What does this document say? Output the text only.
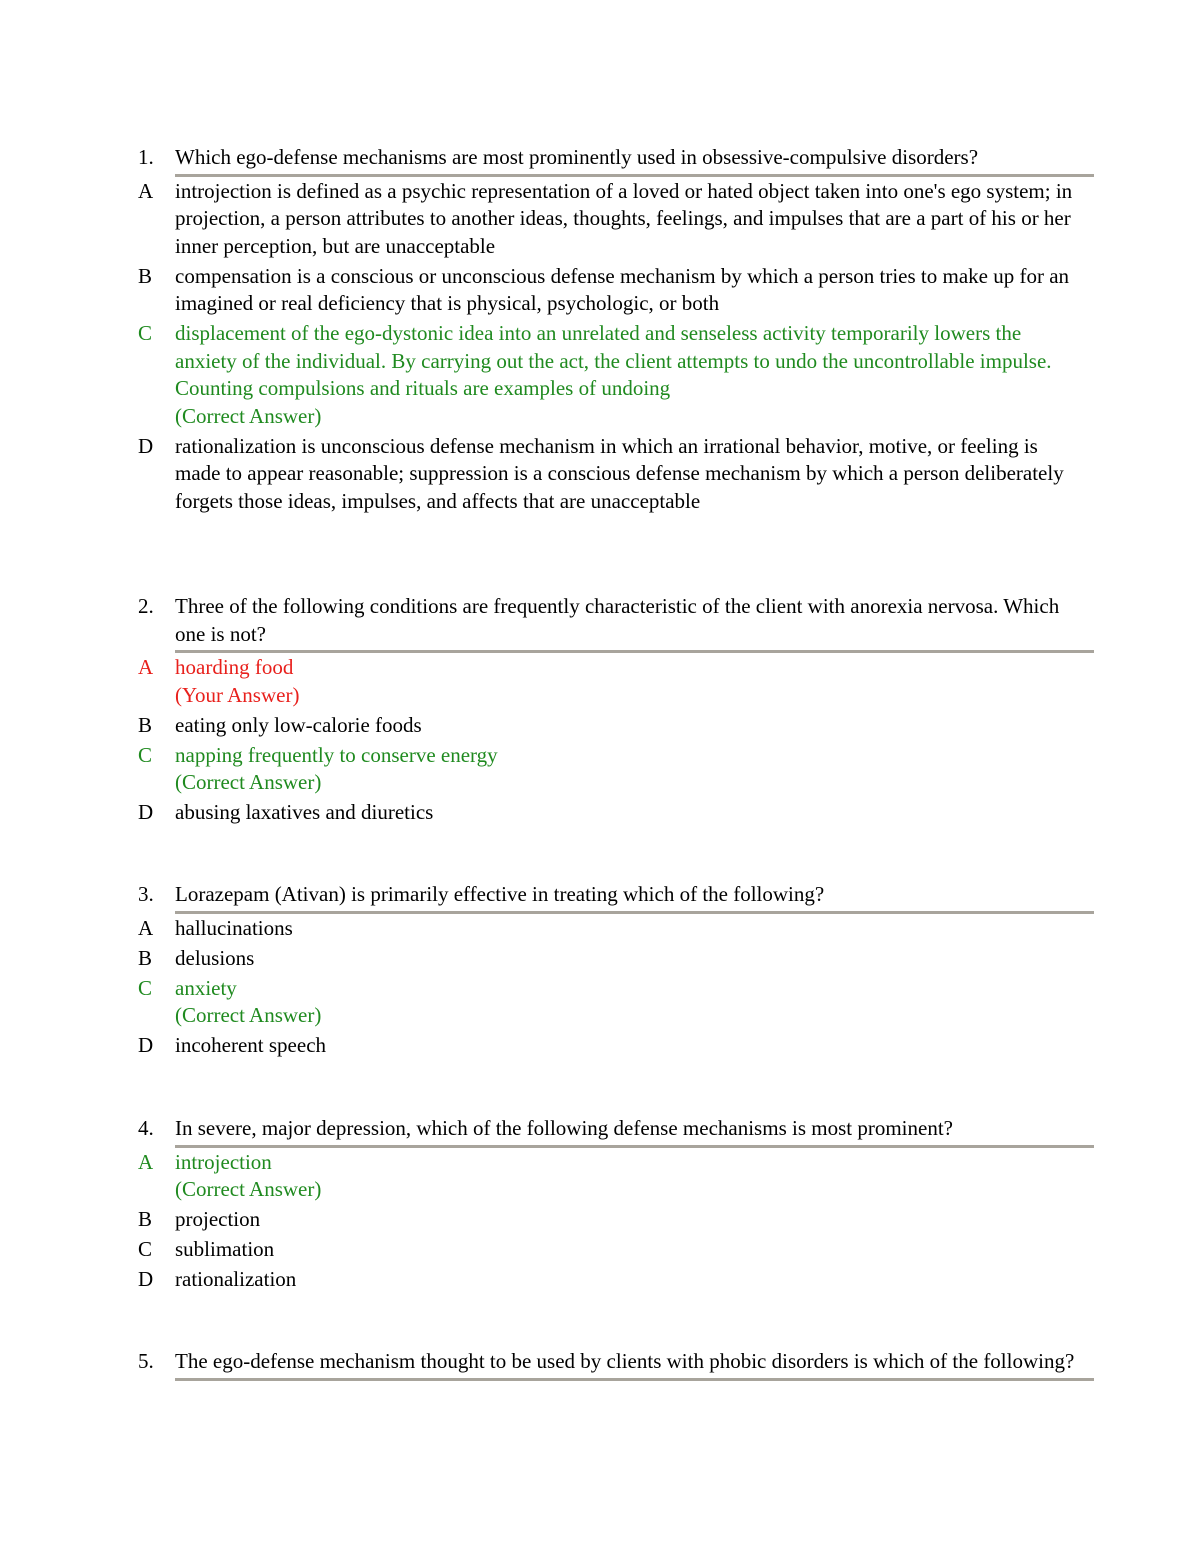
1. Which ego-defense mechanisms are most prominently used in obsessive-compulsive disorders?
A introjection is defined as a psychic representation of a loved or hated object taken into one's ego system; in projection, a person attributes to another ideas, thoughts, feelings, and impulses that are a part of his or her inner perception, but are unacceptable
B compensation is a conscious or unconscious defense mechanism by which a person tries to make up for an imagined or real deficiency that is physical, psychologic, or both
C displacement of the ego-dystonic idea into an unrelated and senseless activity temporarily lowers the anxiety of the individual. By carrying out the act, the client attempts to undo the uncontrollable impulse. Counting compulsions and rituals are examples of undoing
(Correct Answer)
D rationalization is unconscious defense mechanism in which an irrational behavior, motive, or feeling is made to appear reasonable; suppression is a conscious defense mechanism by which a person deliberately forgets those ideas, impulses, and affects that are unacceptable
2. Three of the following conditions are frequently characteristic of the client with anorexia nervosa. Which one is not?
A hoarding food
(Your Answer)
B eating only low-calorie foods
C napping frequently to conserve energy
(Correct Answer)
D abusing laxatives and diuretics
3. Lorazepam (Ativan) is primarily effective in treating which of the following?
A hallucinations
B delusions
C anxiety
(Correct Answer)
D incoherent speech
4. In severe, major depression, which of the following defense mechanisms is most prominent?
A introjection
(Correct Answer)
B projection
C sublimation
D rationalization
5. The ego-defense mechanism thought to be used by clients with phobic disorders is which of the following?
